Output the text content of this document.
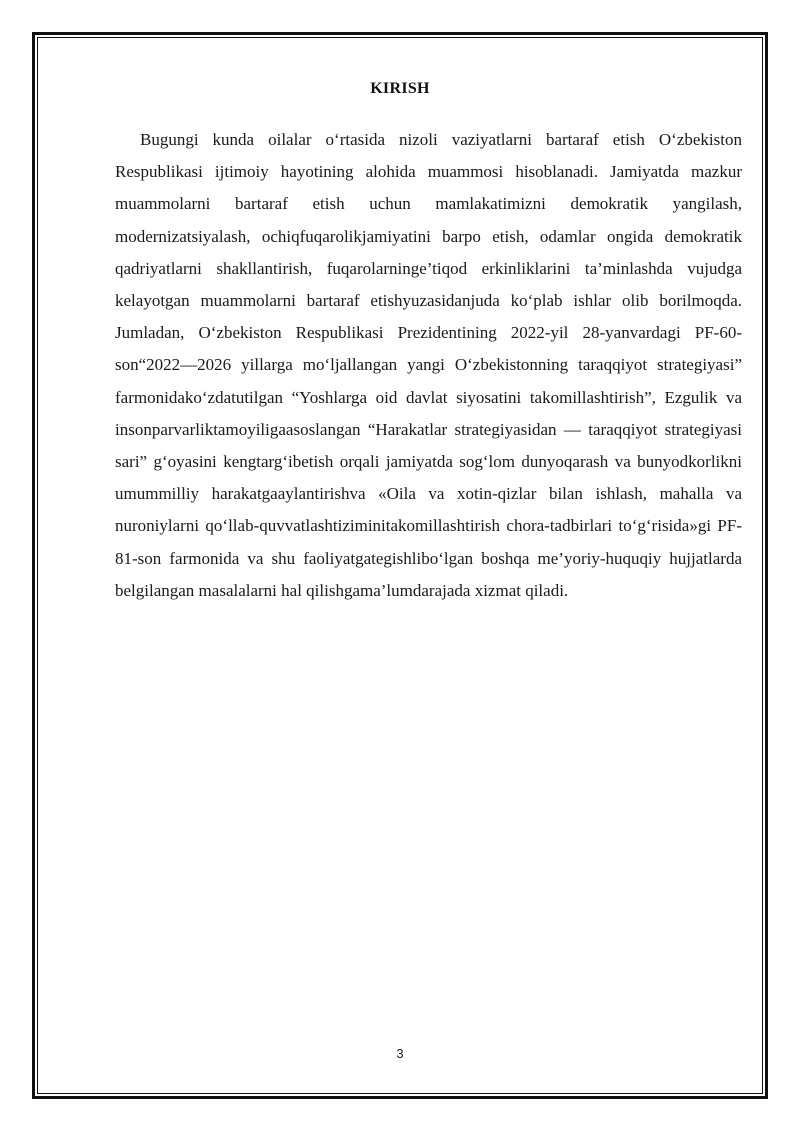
KIRISH

Bugungi kunda oilalar o‘rtasida nizoli vaziyatlarni bartaraf etish O‘zbekiston Respublikasi ijtimoiy hayotining alohida muammosi hisoblanadi. Jamiyatda mazkur muammolarni bartaraf etish uchun mamlakatimizni demokratik yangilash, modernizatsiyalash, ochiqfuqarolikjamiyatini barpo etish, odamlar ongida demokratik qadriyatlarni shakllantirish, fuqarolarninge’tiqod erkinliklarini ta’minlashda vujudga kelayotgan muammolarni bartaraf etishyuzasidanjuda ko‘plab ishlar olib borilmoqda. Jumladan, O‘zbekiston Respublikasi Prezidentining 2022-yil 28-yanvardagi PF-60-son“2022—2026 yillarga mo‘ljallangan yangi O‘zbekistonning taraqqiyot strategiyasi” farmonidako‘zdatutilgan “Yoshlarga oid davlat siyosatini takomillashtirish”, Ezgulik va insonparvarliktamoyiligaasoslangan “Harakatlar strategiyasidan — taraqqiyot strategiyasi sari” g‘oyasini kengtarg‘ibetish orqali jamiyatda sog‘lom dunyoqarash va bunyodkorlikni umummilliy harakatgaaylantirishva «Oila va xotin-qizlar bilan ishlash, mahalla va nuroniylarni qo‘llab-quvvatlashtiziminitakomillashtirish chora-tadbirlari to‘g‘risida»gi PF-81-son farmonida va shu faoliyatgategishlibo‘lgan boshqa me’yoriy-huquqiy hujjatlarda belgilangan masalalarni hal qilishgama’lumdarajada xizmat qiladi.

3
